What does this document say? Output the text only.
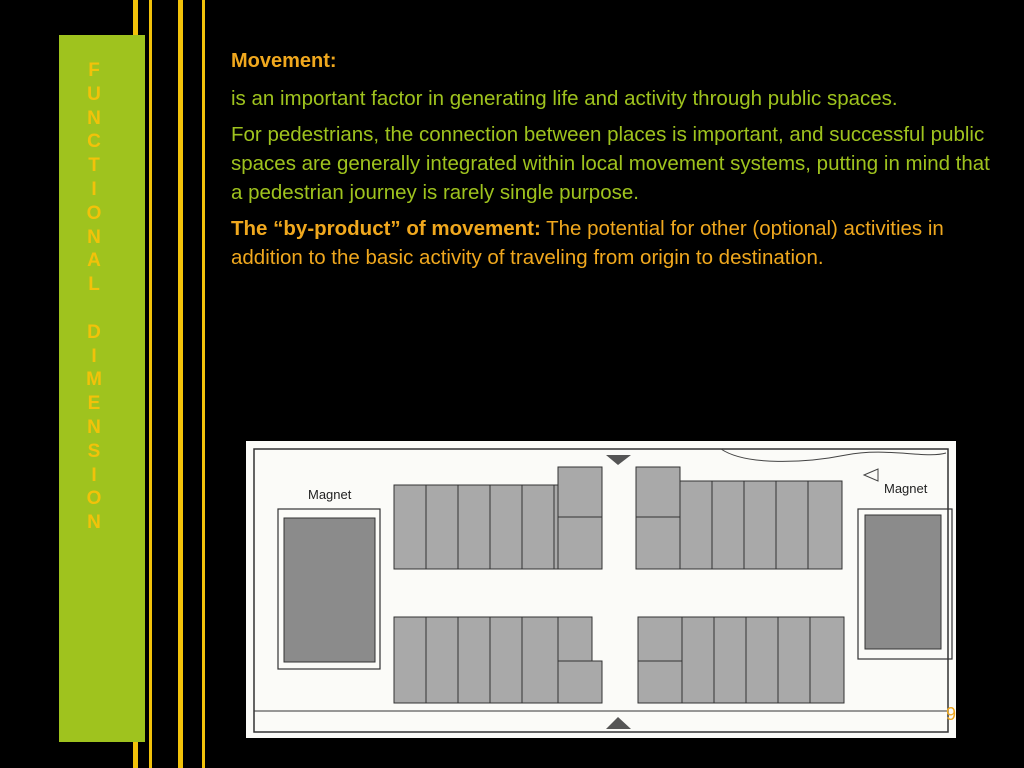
F
U
N
C
T
I
O
N
A
L
D
I
M
E
N
S
I
O
N

Movement:

is an important factor in generating life and activity through public spaces.

For pedestrians, the connection between places is important, and successful public spaces are generally integrated within local movement systems, putting in mind that a pedestrian journey is rarely single purpose.

The “by-product” of movement: The potential for other (optional) activities in addition to the basic activity of traveling from origin to destination.

Magnet	Magnet
9
